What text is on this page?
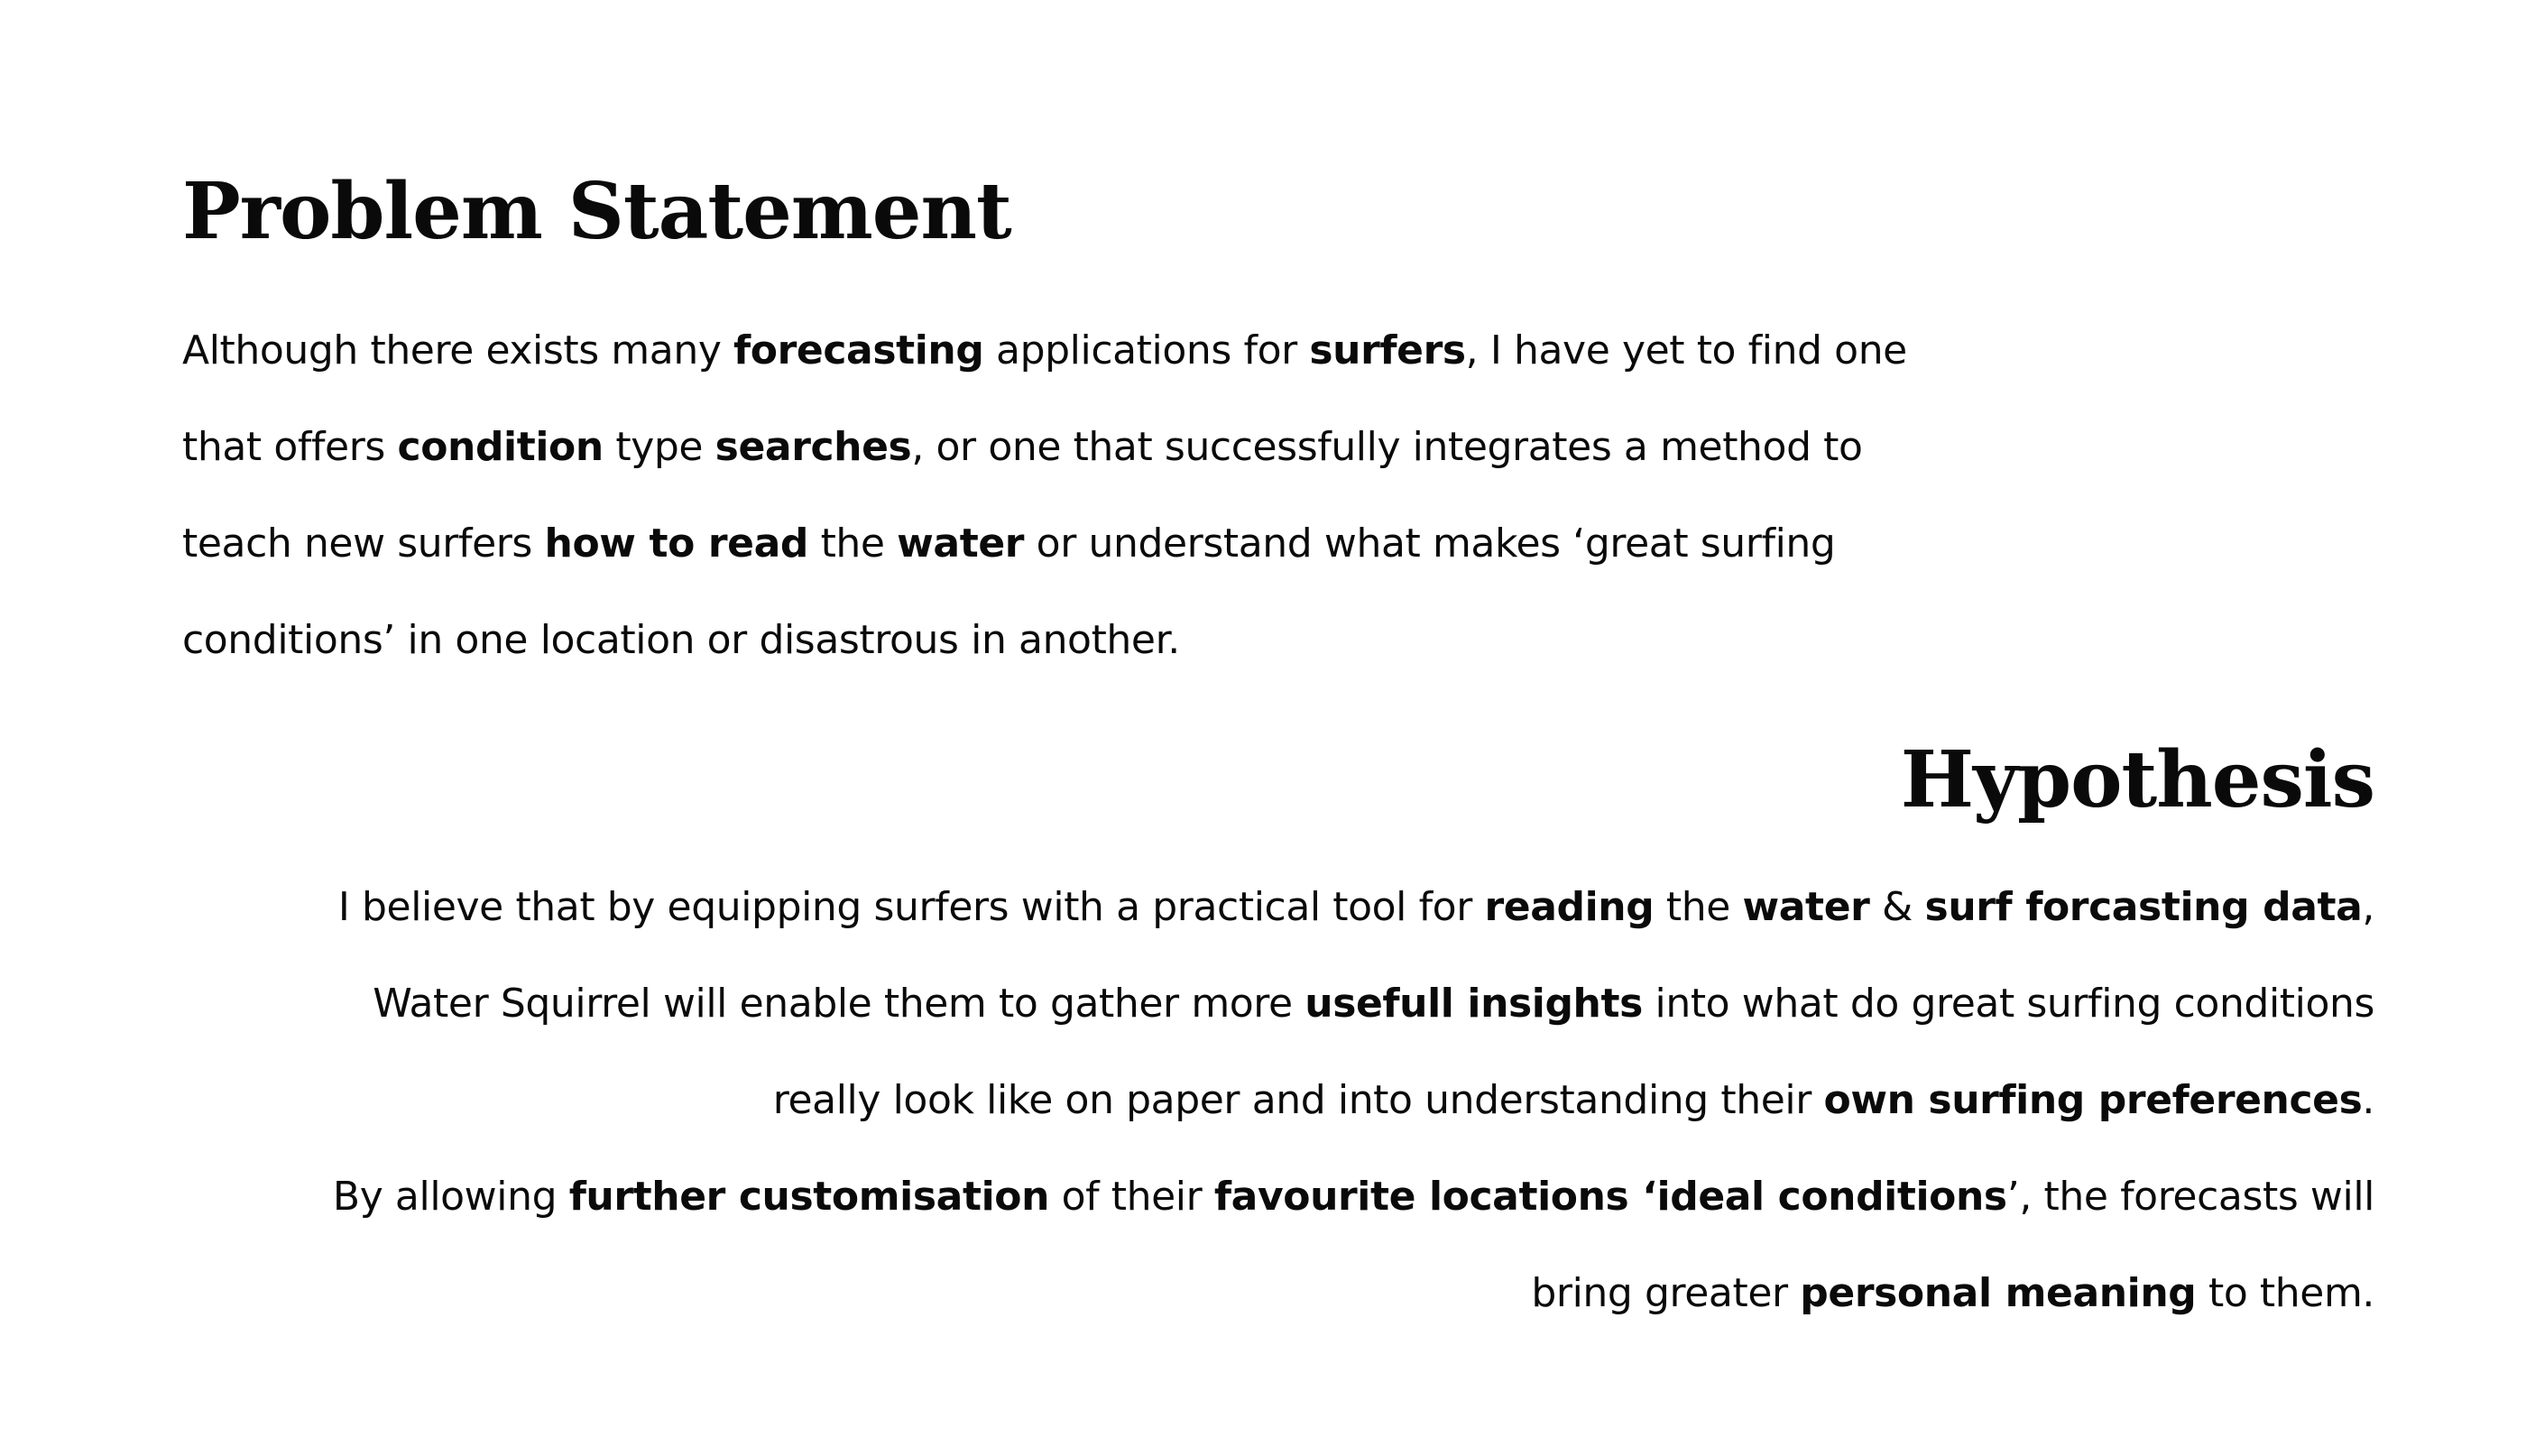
Problem Statement
Although there exists many forecasting applications for surfers, I have yet to find one
that offers condition type searches, or one that successfully integrates a method to
teach new surfers how to read the water or understand what makes ‘great surfing
conditions’ in one location or disastrous in another.
Hypothesis
I believe that by equipping surfers with a practical tool for reading the water & surf forcasting data,
Water Squirrel will enable them to gather more usefull insights into what do great surfing conditions
really look like on paper and into understanding their own surfing preferences.
By allowing further customisation of their favourite locations ‘ideal conditions’, the forecasts will
bring greater personal meaning to them.
